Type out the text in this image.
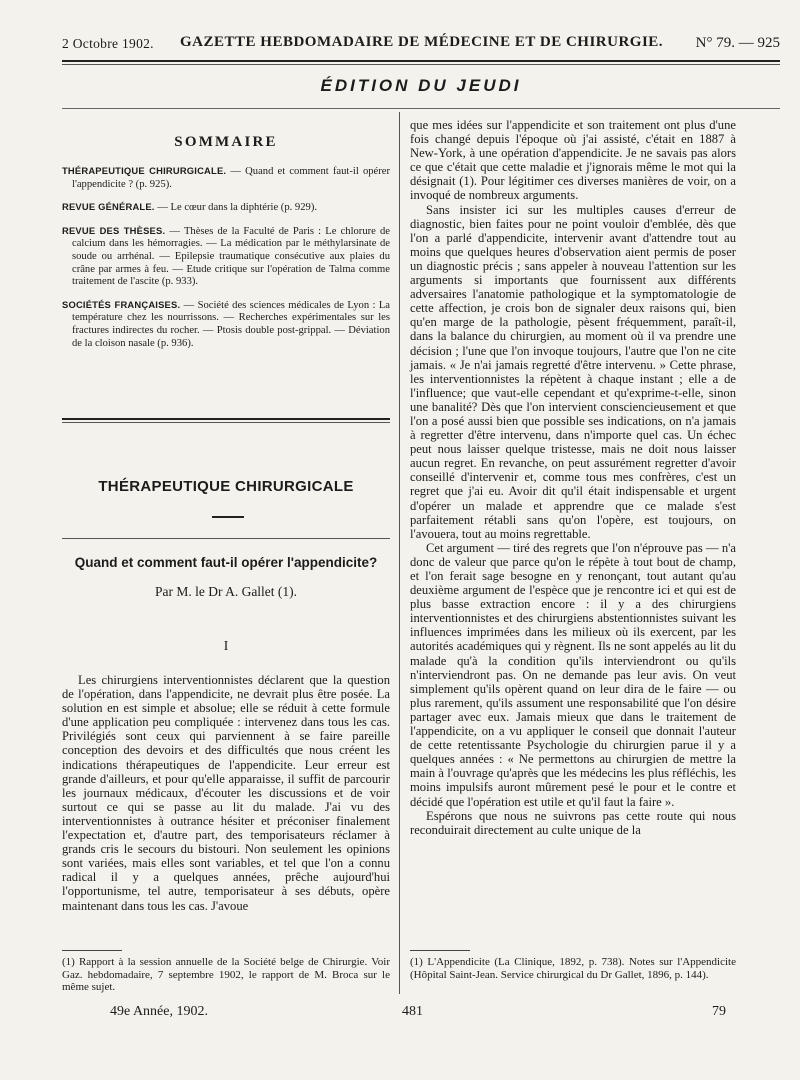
2 Octobre 1902. GAZETTE HEBDOMADAIRE DE MÉDECINE ET DE CHIRURGIE. N° 79. — 925
ÉDITION DU JEUDI
SOMMAIRE
THÉRAPEUTIQUE CHIRURGICALE. — Quand et comment faut-il opérer l'appendicite ? (p. 925).
REVUE GÉNÉRALE. — Le cœur dans la diphtérie (p. 929).
REVUE DES THÈSES. — Thèses de la Faculté de Paris : Le chlorure de calcium dans les hémorragies. — La médication par le méthylarsinate de soude ou arrhénal. — Epilepsie traumatique consécutive aux plaies du crâne par armes à feu. — Etude critique sur l'opération de Talma comme traitement de l'ascite (p. 933).
SOCIÉTÉS FRANÇAISES. — Société des sciences médicales de Lyon : La température chez les nourrissons. — Recherches expérimentales sur les fractures indirectes du rocher. — Ptosis double post-grippal. — Déviation de la cloison nasale (p. 936).
THÉRAPEUTIQUE CHIRURGICALE
Quand et comment faut-il opérer l'appendicite?
Par M. le Dr A. Gallet (1).
I

Les chirurgiens interventionnistes déclarent que la question de l'opération, dans l'appendicite, ne devrait plus être posée. La solution en est simple et absolue; elle se réduit à cette formule d'une application peu compliquée : intervenez dans tous les cas. Privilégiés sont ceux qui parviennent à se faire pareille conception des devoirs et des difficultés que nous créent les indications thérapeutiques de l'appendicite. Leur erreur est grande d'ailleurs, et pour qu'elle apparaisse, il suffit de parcourir les journaux médicaux, d'écouter les discussions et de voir surtout ce qui se passe au lit du malade. J'ai vu des interventionnistes à outrance hésiter et préconiser finalement l'expectation et, d'autre part, des temporisateurs réclamer à grands cris le secours du bistouri. Non seulement les opinions sont variées, mais elles sont variables, et tel que l'on a connu radical il y a quelques années, prêche aujourd'hui l'opportunisme, tel autre, temporisateur à ses débuts, opère maintenant dans tous les cas. J'avoue

(1) Rapport à la session annuelle de la Société belge de Chirurgie. Voir Gaz. hebdomadaire, 7 septembre 1902, le rapport de M. Broca sur le même sujet.

que mes idées sur l'appendicite et son traitement ont plus d'une fois changé depuis l'époque où j'ai assisté, c'était en 1887 à New-York, à une opération d'appendicite. Je ne savais pas alors ce que c'était que cette maladie et j'ignorais même le mot qui la désignait (1). Pour légitimer ces diverses manières de voir, on a invoqué de nombreux arguments.

Sans insister ici sur les multiples causes d'erreur de diagnostic, bien faites pour ne point vouloir d'emblée, dès que l'on a parlé d'appendicite, intervenir avant d'attendre tout au moins que quelques heures d'observation aient permis de poser un diagnostic précis ; sans appeler à nouveau l'attention sur les arguments si importants que fournissent aux différents adversaires l'anatomie pathologique et la symptomatologie de cette affection, je crois bon de signaler deux raisons qui, bien qu'en marge de la pathologie, pèsent fréquemment, paraît-il, dans la balance du chirurgien, au moment où il va prendre une décision ; l'une que l'on invoque toujours, l'autre que l'on ne cite jamais. « Je n'ai jamais regretté d'être intervenu. » Cette phrase, les interventionnistes la répètent à chaque instant ; elle a de l'influence; que vaut-elle cependant et qu'exprime-t-elle, sinon une banalité? Dès que l'on intervient consciencieusement et que l'on a posé aussi bien que possible ses indications, on n'a jamais à regretter d'être intervenu, dans n'importe quel cas. Un échec peut nous laisser quelque tristesse, mais ne doit nous laisser aucun regret. En revanche, on peut assurément regretter d'avoir conseillé d'intervenir et, comme tous mes confrères, c'est un regret que j'ai eu. Avoir dit qu'il était indispensable et urgent d'opérer un malade et apprendre que ce malade s'est parfaitement rétabli sans qu'on l'opère, est toujours, on l'avouera, tout au moins regrettable.

Cet argument — tiré des regrets que l'on n'éprouve pas — n'a donc de valeur que parce qu'on le répète à tout bout de champ, et l'on ferait sage besogne en y renonçant, tout autant qu'au deuxième argument de l'espèce que je rencontre ici et qui est de plus basse extraction encore : il y a des chirurgiens interventionnistes et des chirurgiens abstentionnistes suivant les influences imprimées dans les milieux où ils exercent, par les autorités académiques qui y règnent. Ils ne sont appelés au lit du malade qu'à la condition qu'ils interviendront ou qu'ils n'interviendront pas. On ne demande pas leur avis. On veut simplement qu'ils opèrent quand on leur dira de le faire — ou plus rarement, qu'ils assument une responsabilité que l'on désire partager avec eux. Jamais mieux que dans le traitement de l'appendicite, on a vu appliquer le conseil que donnait l'auteur de cette retentissante Psychologie du chirurgien parue il y a quelques années : « Ne permettons au chirurgien de mettre la main à l'ouvrage qu'après que les médecins les plus réfléchis, les moins impulsifs auront mûrement pesé le pour et le contre et décidé que l'opération est utile et qu'il faut la faire ».

Espérons que nous ne suivrons pas cette route qui nous reconduirait directement au culte unique de la

(1) L'Appendicite (La Clinique, 1892, p. 738). Notes sur l'Appendicite (Hôpital Saint-Jean. Service chirurgical du Dr Gallet, 1896, p. 144).
49e Année, 1902.	481	79
